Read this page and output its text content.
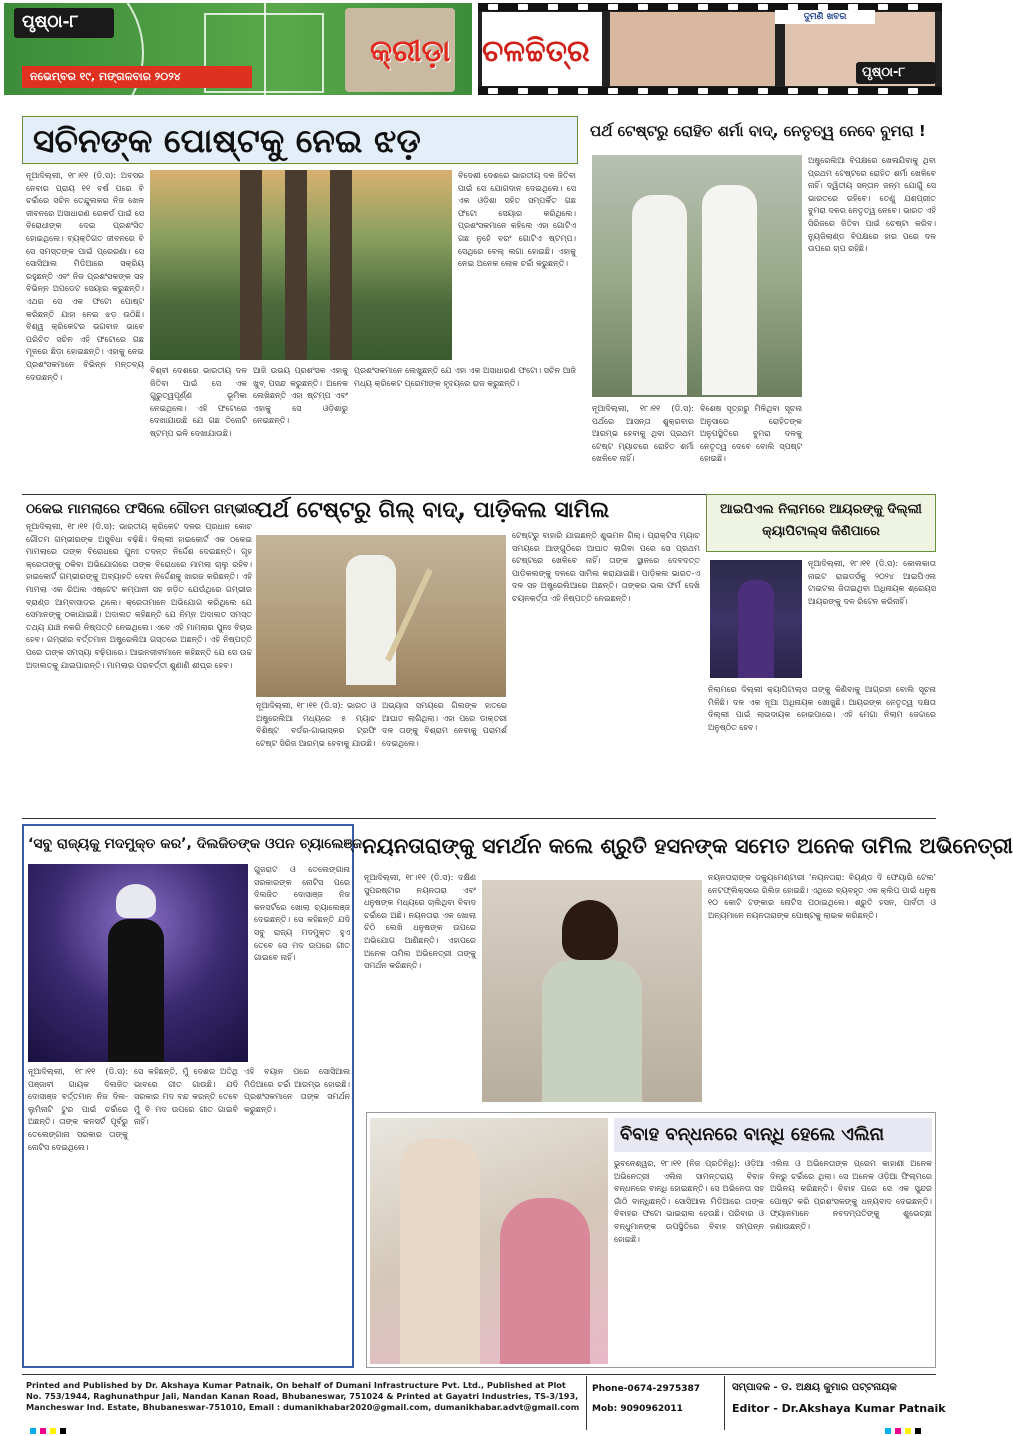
ପୃଷ୍ଠା-୮
ନଭେମ୍ବର ୧୯, ମଙ୍ଗଳବାର ୨୦୨୪
ଦୁମଣି ଖବର
କ୍ରୀଡ଼ା ଚଳଚ୍ଚିତ୍ର
ପୃଷ୍ଠା-୮
ସଚିନଙ୍କ ପୋଷ୍ଟକୁ ନେଇ ଝଡ଼
ନୂଆଦିଲ୍ଲୀ, ୧୮।୧୧ (ଡି.ସ): ଅବସର ନେବାର ପ୍ରାୟ ୧୧ ବର୍ଷ ପରେ ବି ଚର୍ଚ୍ଚାରେ ସଚିନ ତେନ୍ଦୁଲକର ନିଜ ଖେଳ ଜୀବନରେ ଅସାଧାରଣ ରେକର୍ଡ ପାଇଁ ସେ ବିରୋଧୀଙ୍କ ଦେଇ ପ୍ରଶଂସିତ ହୋଇଥିଲେ। ବ୍ୟକ୍ତିଗତ ଜୀବନରେ ବି ସେ ସମସ୍ତଙ୍କ ପାଇଁ ପ୍ରେରଣା। ସେ ସୋସିଆଲ ମିଡିଆରେ ସକ୍ରିୟ ରହୁଛନ୍ତି ଏବଂ ନିଜ ପ୍ରଶଂସକଙ୍କ ସହ ବିଭିନ୍ନ ଅପଡେଟ ସେୟାର କରୁଛନ୍ତି। ଏଥର ସେ ଏକ ଫଟୋ ପୋଷ୍ଟ କରିଛନ୍ତି ଯାହା ନେଇ ଝଡ଼ ଉଠିଛି। ବିଶ୍ୱ କ୍ରିକେଟର ଭଗବାନ ଭାବେ ପରିଚିତ ସଚିନ ଏହି ଫଟୋରେ ଗଛ ମୂଳରେ ଛିଡ଼ା ହୋଇଛନ୍ତି। ଏହାକୁ ନେଇ ପ୍ରଶଂସକମାନେ ବିଭିନ୍ନ ମନ୍ତବ୍ୟ ଦେଉଛନ୍ତି।
ବିଦେଶୀ ଦେଶରେ ଭାରତୀୟ ଦଳ ଜିତିବା ପାଇଁ ସେ ଯୋଗଦାନ ଦେଇଥିଲେ। ସେ ଏକ ଓଡ଼ିଶା ସହିତ ସମ୍ପର୍କିତ ଗଛ ଫଟୋ ସେୟାର କରିଥିଲେ। ପ୍ରଶଂସକମାନେ କହିଲେ ଏହା ଗୋଟିଏ ଗଛ ନୁହେଁ ବରଂ ଗୋଟିଏ ଷ୍ଟମ୍ପ। ସେଥିରେ ବେଲ୍ ଲଗା ହୋଇଛି। ଏହାକୁ ନେଇ ଅନେକ ଲୋକ ଚର୍ଚ୍ଚା କରୁଛନ୍ତି।
ବିଶ୍ବୀ ଦେଶରେ ଭାରତୀୟ ଦଳ ଜିତିବା ପାଇଁ ସେ ଏକ ଗୁରୁତ୍ୱପୂର୍ଣ୍ଣ ଭୂମିକା ନେଇଥିଲେ। ଏହି ଫଟୋରେ ଦେଖାଯାଉଛି ଯେ ଗଛ ତିନୋଟି ଷ୍ଟମ୍ପ ଭଳି ଦେଖାଯାଉଛି।
ଆଜି ଉଭୟ ପ୍ରଶଂସକ ଏହାକୁ ଖୁବ୍ ପସନ୍ଦ କରୁଛନ୍ତି। ଅନେକ ଲେଖିଛନ୍ତି ଏହା ଷ୍ଟମ୍ପ ଏବଂ ଏହାକୁ ସେ ଓଡ଼ିଶାରୁ ନେଇଛନ୍ତି।
ପ୍ରଶଂସକମାନେ ଲେଖୁଛନ୍ତି ଯେ ଏହା ଏକ ଅସାଧାରଣ ଫଟୋ। ସଚିନ ଆଜି ମଧ୍ୟ କ୍ରିକେଟ ପ୍ରେମୀଙ୍କ ହୃଦୟରେ ରାଜ କରୁଛନ୍ତି।
ପର୍ଥ ଟେଷ୍ଟରୁ ରୋହିତ ଶର୍ମା ବାଦ୍, ନେତୃତ୍ୱ ନେବେ ବୁମରା !
ଅଷ୍ଟ୍ରେଲିଆ ବିପକ୍ଷରେ ଖେଳାଯିବାକୁ ଥିବା ପ୍ରଥମ ଟେଷ୍ଟରେ ରୋହିତ ଶର୍ମା ଖେଳିବେ ନାହିଁ। ଦ୍ୱିତୀୟ ସନ୍ତାନ ଜନ୍ମ ଯୋଗୁଁ ସେ ଭାରତରେ ରହିବେ। ତେଣୁ ଯଶପ୍ରୀତ ବୁମରା ଦଳର ନେତୃତ୍ୱ ନେବେ। ଭାରତ ଏହି ସିରିଜରେ ଜିତିବା ପାଇଁ ଚେଷ୍ଟା କରିବ। ନ୍ୟୁଜିଲାଣ୍ଡ ବିପକ୍ଷରେ ହାର ପରେ ଦଳ ଉପରେ ଚାପ ରହିଛି।
ନୂଆଦିଲ୍ଲୀ, ୧୮।୧୧ (ଡି.ସ): ପର୍ଥରେ ଆସନ୍ତା ଶୁକ୍ରବାର ଆରମ୍ଭ ହେବାକୁ ଥିବା ପ୍ରଥମ ଟେଷ୍ଟ ମ୍ୟାଚରେ ରୋହିତ ଶର୍ମା ଖେଳିବେ ନାହିଁ।
ବିଶେଷ ସୂତ୍ରରୁ ମିଳିଥିବା ସୂଚନା ଅନୁସାରେ ରୋହିତଙ୍କ ଅନୁପସ୍ଥିତିରେ ବୁମରା ଦଳକୁ ନେତୃତ୍ୱ ଦେବେ ବୋଲି ସ୍ପଷ୍ଟ ହୋଇଛି।
ଠକେଇ ମାମଲାରେ ଫସିଲେ ଗୌତମ ଗମ୍ଭୀର
ନୂଆଦିଲ୍ଲୀ, ୧୮।୧୧ (ଡି.ସ): ଭାରତୀୟ କ୍ରିକେଟ ଦଳର ପ୍ରଧାନ କୋଚ ଗୌତମ ଗମ୍ଭୀରଙ୍କ ଅସୁବିଧା ବଢ଼ିଛି। ଦିଲ୍ଲୀ ହାଇକୋର୍ଟ ଏକ ଠକେଇ ମାମଲାରେ ତାଙ୍କ ବିରୋଧରେ ପୁନଃ ତଦନ୍ତ ନିର୍ଦ୍ଦେଶ ଦେଇଛନ୍ତି। ଗୃହ କ୍ରେତାଙ୍କୁ ଠକିବା ଅଭିଯୋଗରେ ତାଙ୍କ ବିରୋଧରେ ମାମଲା ଚାଲୁ ରହିବ। ହାଇକୋର୍ଟ ଗମ୍ଭୀରଙ୍କୁ ଅବ୍ୟାହତି ଦେବା ନିର୍ଦ୍ଦେଶକୁ ଖାରଜ କରିଛନ୍ତି। ଏହି ମାମଲା ଏକ ରିଅଲ ଏଷ୍ଟେଟ କମ୍ପାନୀ ସହ ଜଡ଼ିତ ଯେଉଁଥିରେ ଗମ୍ଭୀର ବ୍ରାଣ୍ଡ ଆମ୍ବାସାଡର ଥିଲେ। କ୍ରେତାମାନେ ଅଭିଯୋଗ କରିଥିଲେ ଯେ ସେମାନଙ୍କୁ ଠକାଯାଇଛି। ଅଦାଲତ କହିଛନ୍ତି ଯେ ନିମ୍ନ ଅଦାଲତ ସମସ୍ତ ତଥ୍ୟ ଯାଞ୍ଚ ନକରି ନିଷ୍ପତ୍ତି ନେଇଥିଲେ। ଏବେ ଏହି ମାମଲାର ପୁନଃ ବିଚାର ହେବ। ଗମ୍ଭୀର ବର୍ତ୍ତମାନ ଅଷ୍ଟ୍ରେଲିଆ ଗସ୍ତରେ ଅଛନ୍ତି। ଏହି ନିଷ୍ପତ୍ତି ପରେ ତାଙ୍କ ସମସ୍ୟା ବଢ଼ିପାରେ। ଆଇନଜୀବୀମାନେ କହିଛନ୍ତି ଯେ ସେ ଉଚ୍ଚ ଅଦାଲତକୁ ଯାଇପାରନ୍ତି। ମାମଲାର ପରବର୍ତ୍ତୀ ଶୁଣାଣି ଶୀଘ୍ର ହେବ।
ପର୍ଥ ଟେଷ୍ଟରୁ ଗିଲ୍ ବାଦ୍, ପାଡ଼ିକଲ ସାମିଲ
ଟେଷ୍ଟରୁ ବାହାରି ଯାଇଛନ୍ତି ଶୁଭମନ ଗିଲ୍। ପ୍ରାକ୍ଟିସ ମ୍ୟାଚ ସମୟରେ ଆଙ୍ଗୁଠିରେ ଆଘାତ ଲାଗିବା ପରେ ସେ ପ୍ରଥମ ଟେଷ୍ଟରେ ଖେଳିବେ ନାହିଁ। ତାଙ୍କ ସ୍ଥାନରେ ଦେବଦତ୍ତ ପାଡ଼ିକଲଙ୍କୁ ଦଳରେ ସାମିଲ କରାଯାଇଛି। ପାଡ଼ିକଲ ଭାରତ-ଏ ଦଳ ସହ ଅଷ୍ଟ୍ରେଲିଆରେ ଅଛନ୍ତି। ତାଙ୍କର ଭଲ ଫର୍ମ ଦେଖି ଚୟନକର୍ତ୍ତା ଏହି ନିଷ୍ପତ୍ତି ନେଇଛନ୍ତି।
ନୂଆଦିଲ୍ଲୀ, ୧୮।୧୧ (ଡି.ସ): ଭାରତ ଓ ଅଷ୍ଟ୍ରେଲିଆ ମଧ୍ୟରେ ୫ ମ୍ୟାଚ ବିଶିଷ୍ଟ ବର୍ଡର-ଗାଭାସ୍କର ଟ୍ରଫି ଟେଷ୍ଟ ସିରିଜ ଆରମ୍ଭ ହେବାକୁ ଯାଉଛି।
ଅଭ୍ୟାସ ସମୟରେ ଗିଲଙ୍କ ହାତରେ ଆଘାତ ଲାଗିଥିଲା। ଏହା ପରେ ଡାକ୍ତରୀ ଦଳ ତାଙ୍କୁ ବିଶ୍ରାମ ନେବାକୁ ପରାମର୍ଶ ଦେଇଥିଲେ।
ଆଇପିଏଲ ନିଲାମରେ ଆୟରଙ୍କୁ ଦିଲ୍ଲୀ କ୍ୟାପିଟାଲ୍ସ କିଣିପାରେ
ନୂଆଦିଲ୍ଲୀ, ୧୮।୧୧ (ଡି.ସ): କୋଲକାତା ନାଇଟ ରାଇଡର୍ସକୁ ୨୦୨୪ ଆଇପିଏଲ ଟାଇଟଲ ଜିତାଇଥିବା ଅଧିନାୟକ ଶ୍ରେୟସ ଆୟରଙ୍କୁ ଦଳ ରିଟେନ କରିନାହିଁ।
ନିଲାମରେ ଦିଲ୍ଲୀ କ୍ୟାପିଟାଲ୍ସ ତାଙ୍କୁ କିଣିବାକୁ ଆଗ୍ରହୀ ବୋଲି ସୂଚନା ମିଳିଛି। ଦଳ ଏକ ନୂଆ ଅଧିନାୟକ ଖୋଜୁଛି। ଆୟରଙ୍କ ନେତୃତ୍ୱ ଦକ୍ଷତା ଦିଲ୍ଲୀ ପାଇଁ ଲାଭଦାୟକ ହୋଇପାରେ। ଏହି ମେଗା ନିଲାମ ଜେଦ୍ଦାରେ ଅନୁଷ୍ଠିତ ହେବ।
‘ସବୁ ରାଜ୍ୟକୁ ମଦମୁକ୍ତ କର’, ଦିଲଜିତଙ୍କ ଓପନ ଚ୍ୟାଲେଞ୍ଜ
ଗୁଜରାଟ ଓ ତେଲେଙ୍ଗାନା ସରକାରଙ୍କ ନୋଟିସ ପରେ ଦିଲଜିତ ଦୋସାଞ୍ଜ ନିଜ କନସର୍ଟରେ ଖୋଲା ଚ୍ୟାଲେଞ୍ଜ ଦେଇଛନ୍ତି। ସେ କହିଛନ୍ତି ଯଦି ସବୁ ରାଜ୍ୟ ମଦମୁକ୍ତ ହୁଏ ତେବେ ସେ ମଦ ଉପରେ ଗୀତ ଗାଇବେ ନାହିଁ।
ନୂଆଦିଲ୍ଲୀ, ୧୮।୧୧ (ଡି.ସ): ପଞ୍ଜାବୀ ଗାୟକ ଦିଲଜିତ ଦୋସାଞ୍ଜ ବର୍ତ୍ତମାନ ନିଜ ଦିଲ-ଲୁମିନାଟି ଟୁର ପାଇଁ ଚର୍ଚ୍ଚାରେ ଅଛନ୍ତି। ତାଙ୍କ କନସର୍ଟ ପୂର୍ବରୁ ତେଲେଙ୍ଗାନା ସରକାର ତାଙ୍କୁ ନୋଟିସ ଦେଇଥିଲେ।
ସେ କହିଛନ୍ତି, ମୁଁ ଦେଶର ଅତିଥି ଭାବରେ ଗୀତ ଗାଉଛି। ଯଦି ସରକାର ମଦ ବନ୍ଦ କରନ୍ତି ତେବେ ମୁଁ ବି ମଦ ଉପରେ ଗୀତ ଗାଇବି ନାହିଁ।
ଏହି ବୟାନ ପରେ ସୋସିଆଲ ମିଡିଆରେ ଚର୍ଚ୍ଚା ଆରମ୍ଭ ହୋଇଛି। ପ୍ରଶଂସକମାନେ ତାଙ୍କ ସମର୍ଥନ କରୁଛନ୍ତି।
ନୟନତାରାଙ୍କୁ ସମର୍ଥନ କଲେ ଶ୍ରୁତି ହସନଙ୍କ ସମେତ ଅନେକ ତାମିଲ ଅଭିନେତ୍ରୀ
ନୂଆଦିଲ୍ଲୀ, ୧୮।୧୧ (ଡି.ସ): ଦକ୍ଷିଣ ସୁପରଷ୍ଟାର ନୟନତାରା ଏବଂ ଧନୁଷଙ୍କ ମଧ୍ୟରେ ଚାଲିଥିବା ବିବାଦ ଚର୍ଚ୍ଚାରେ ଅଛି। ନୟନତାରା ଏକ ଖୋଲା ଚିଠି ଲେଖି ଧନୁଷଙ୍କ ଉପରେ ଅଭିଯୋଗ ଆଣିଛନ୍ତି। ଏହାପରେ ଅନେକ ତାମିଲ ଅଭିନେତ୍ରୀ ତାଙ୍କୁ ସମର୍ଥନ କରିଛନ୍ତି।
ନୟନତାରାଙ୍କ ଡକ୍ୟୁମେଣ୍ଟାରୀ ‘ନୟନତାରା: ବିୟଣ୍ଡ ଦି ଫେୟାରି ଟେଲ’ ନେଟଫ୍ଲିକ୍ସରେ ରିଲିଜ ହୋଇଛି। ଏଥିରେ ବ୍ୟବହୃତ ଏକ କ୍ଲିପ ପାଇଁ ଧନୁଷ ୧୦ କୋଟି ଟଙ୍କାର ନୋଟିସ ପଠାଇଥିଲେ। ଶ୍ରୁତି ହସନ, ପାର୍ବତୀ ଓ ଅନ୍ୟମାନେ ନୟନତାରାଙ୍କ ପୋଷ୍ଟକୁ ଲାଇକ କରିଛନ୍ତି।
ବିବାହ ବନ୍ଧନରେ ବାନ୍ଧି ହେଲେ ଏଲିନା
ଭୁବନେଶ୍ୱର, ୧୮।୧୧ (ନିଜ ପ୍ରତିନିଧି): ଓଡ଼ିଆ ଅଭିନେତ୍ରୀ ଏଲିନା ସାମନ୍ତରାୟ ବିବାହ ବନ୍ଧନରେ ବାନ୍ଧି ହୋଇଛନ୍ତି। ସେ ଅଭିନେତା ସହ ଗାଁଠି ବାନ୍ଧିଛନ୍ତି। ସୋସିଆଲ ମିଡିଆରେ ତାଙ୍କ ବିବାହର ଫଟୋ ଭାଇରାଲ ହେଉଛି। ପରିବାର ଓ ବନ୍ଧୁମାନଙ୍କ ଉପସ୍ଥିତିରେ ବିବାହ ସମ୍ପନ୍ନ ହୋଇଛି।
ଏଲିନା ଓ ଅଭିନେତାଙ୍କ ପ୍ରେମ କାହାଣୀ ଅନେକ ଦିନରୁ ଚର୍ଚ୍ଚାରେ ଥିଲା। ସେ ଅନେକ ଓଡ଼ିଆ ଫିଲ୍ମରେ ଅଭିନୟ କରିଛନ୍ତି। ବିବାହ ପରେ ସେ ଏକ ସୁନ୍ଦର ପୋଷ୍ଟ କରି ପ୍ରଶଂସକଙ୍କୁ ଧନ୍ୟବାଦ ଦେଇଛନ୍ତି। ଫ୍ୟାନମାନେ ନବଦମ୍ପତିଙ୍କୁ ଶୁଭେଚ୍ଛା ଜଣାଉଛନ୍ତି।
Printed and Published by Dr. Akshaya Kumar Patnaik, On behalf of Dumani Infrastructure Pvt. Ltd., Published at Plot No. 753/1944, Raghunathpur Jali, Nandan Kanan Road, Bhubaneswar, 751024 & Printed at Gayatri Industries, TS-3/193, Mancheswar Ind. Estate, Bhubaneswar-751010, Email : dumanikhabar2020@gmail.com, dumanikhabar.advt@gmail.com
Phone-0674-2975387
Mob: 9090962011
ସମ୍ପାଦକ - ଡ. ଅକ୍ଷୟ କୁମାର ପଟ୍ଟନାୟକ
Editor - Dr.Akshaya Kumar Patnaik
